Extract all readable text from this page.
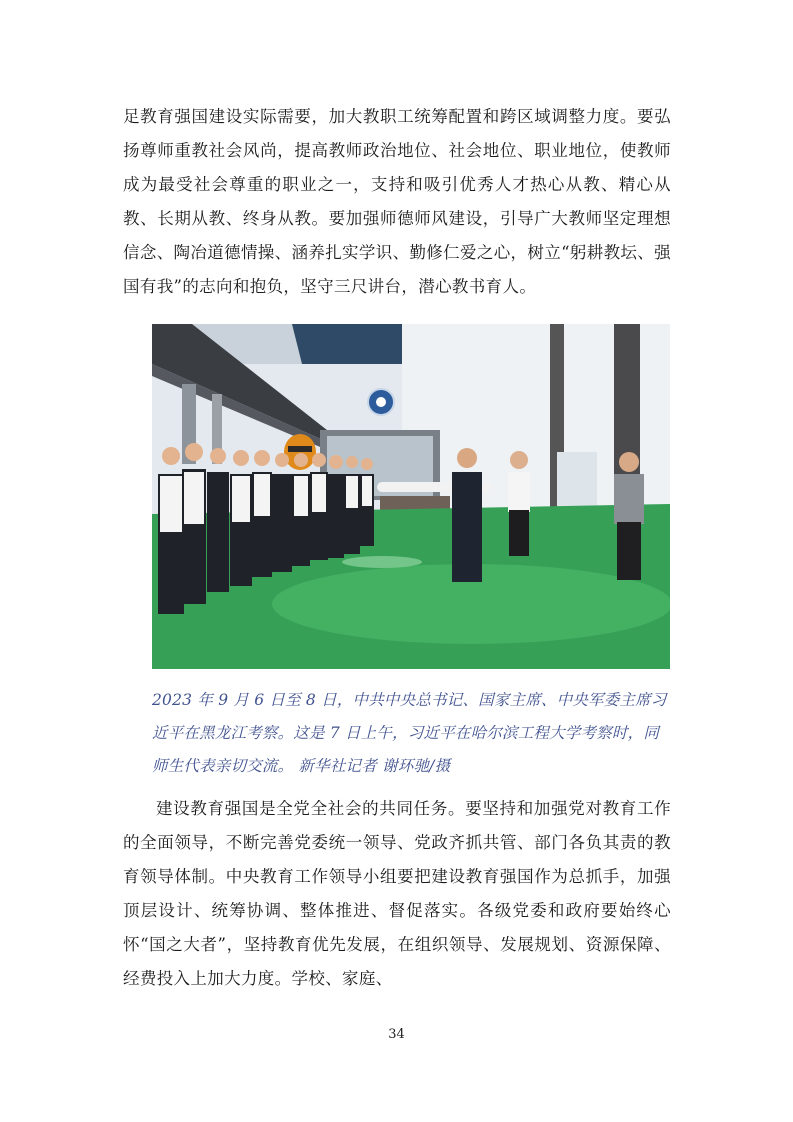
足教育强国建设实际需要，加大教职工统筹配置和跨区域调整力度。要弘扬尊师重教社会风尚，提高教师政治地位、社会地位、职业地位，使教师成为最受社会尊重的职业之一，支持和吸引优秀人才热心从教、精心从教、长期从教、终身从教。要加强师德师风建设，引导广大教师坚定理想信念、陶冶道德情操、涵养扎实学识、勤修仁爱之心，树立“躬耕教坛、强国有我”的志向和抱负，坚守三尺讲台，潜心教书育人。

2023 年 9 月 6 日至 8 日，中共中央总书记、国家主席、中央军委主席习近平在黑龙江考察。这是 7 日上午，习近平在哈尔滨工程大学考察时，同师生代表亲切交流。 新华社记者 谢环驰/摄

建设教育强国是全党全社会的共同任务。要坚持和加强党对教育工作的全面领导，不断完善党委统一领导、党政齐抓共管、部门各负其责的教育领导体制。中央教育工作领导小组要把建设教育强国作为总抓手，加强顶层设计、统筹协调、整体推进、督促落实。各级党委和政府要始终心怀“国之大者”，坚持教育优先发展，在组织领导、发展规划、资源保障、经费投入上加大力度。学校、家庭、

34
